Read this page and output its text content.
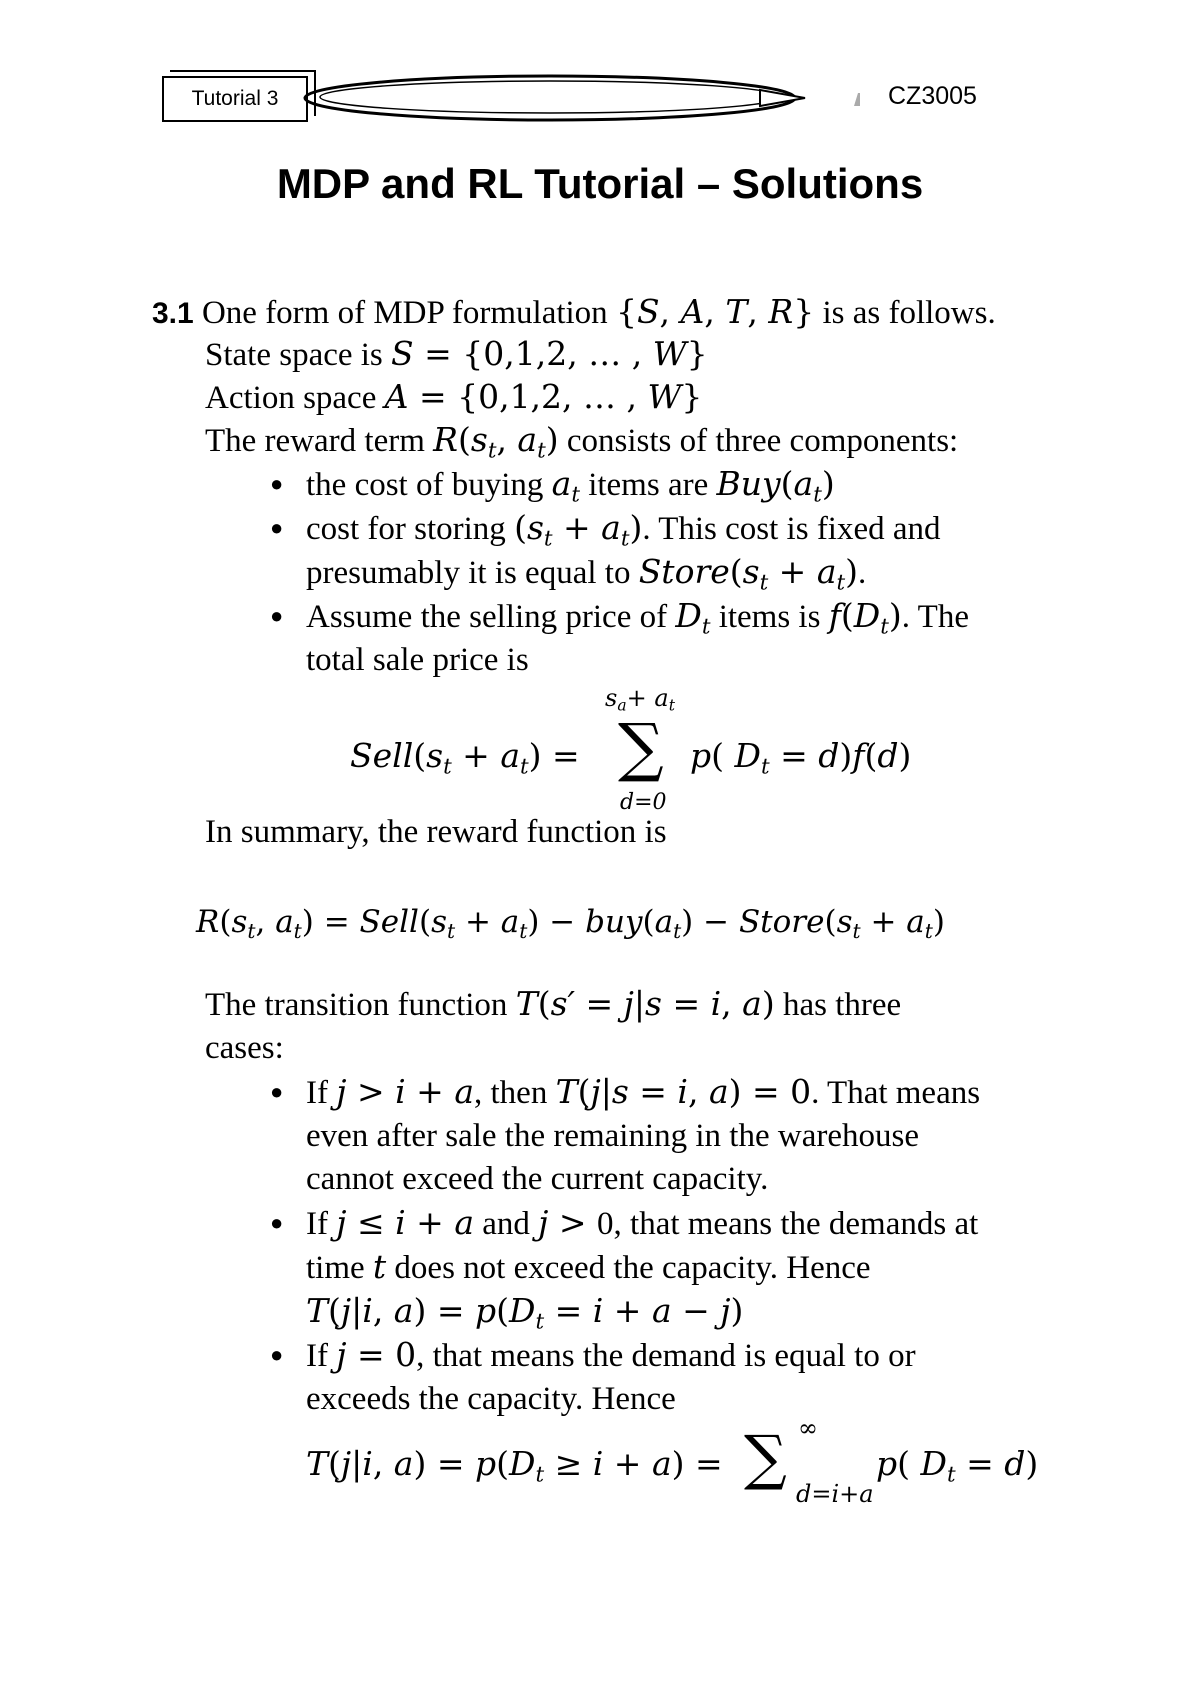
Tutorial 3	CZ3005
MDP and RL Tutorial – Solutions
3.1 One form of MDP formulation {S, A, T, R} is as follows.
State space is S = {0,1,2, … , W}
Action space A = {0,1,2, … , W}
The reward term $R(s_t$, $a_t$) consists of three components:
● the cost of buying $a_t$ items are $Buy(a_t)$
● cost for storing $(s_t + a_t)$. This cost is fixed and
presumably it is equal to $Store(s_t + a_t)$.
● Assume the selling price of $D_t$ items is $f(D_t)$. The
total sale price is
$s_a+ a_t$
$Sell(s_t + a_t)$ = ∑ p( $D_t = d)f(d)$
d=0
In summary, the reward function is
$R(s_t$, $a_t$) = $Sell(s_t + a_t) - buy(a_t)$ − $Store(s_t + a_t)$
The transition function T(s′ = j|s = i, a) has three
cases:
● If j > i + a, then T(j|s = i, a) = 0. That means
even after sale the remaining in the warehouse
cannot exceed the current capacity.
● If j ≤ i + a and j > 0, that means the demands at
time t does not exceed the capacity. Hence
T(j|i, $a) = p(D_t = i + a - j)$
● If j = 0, that means the demand is equal to or
exceeds the capacity. Hence
T(j|i, $a) = p(D_t \ge i + a)$ = ∑ ∞
d=i+a
p( $D_t = d$)
